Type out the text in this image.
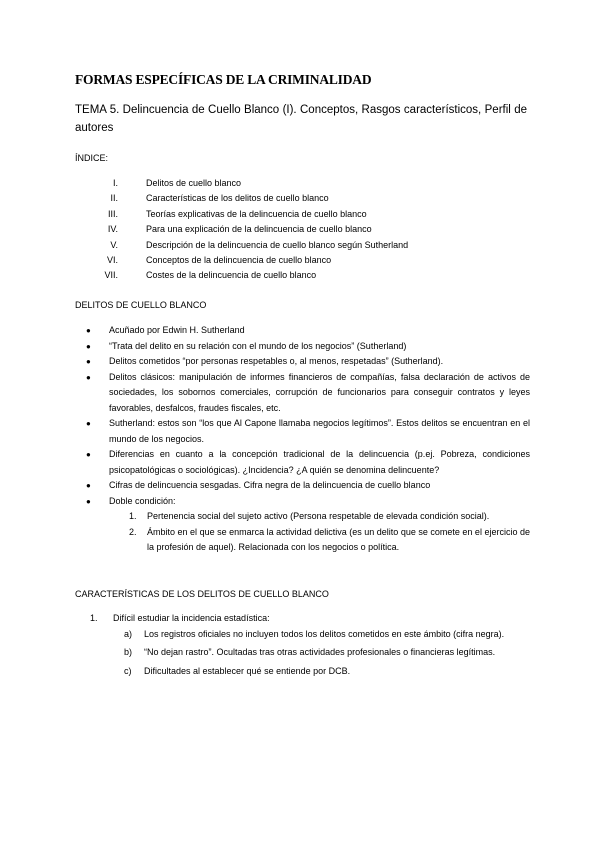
FORMAS ESPECÍFICAS DE LA CRIMINALIDAD
TEMA 5. Delincuencia de Cuello Blanco (I). Conceptos, Rasgos característicos, Perfil de autores
ÍNDICE:
I.	Delitos de cuello blanco
II.	Características de los delitos de cuello blanco
III.	Teorías explicativas de la delincuencia de cuello blanco
IV.	Para una explicación de la delincuencia de cuello blanco
V.	Descripción de la delincuencia de cuello blanco según Sutherland
VI.	Conceptos de la delincuencia de cuello blanco
VII.	Costes de la delincuencia de cuello blanco
DELITOS DE CUELLO BLANCO
●	Acuñado por Edwin H. Sutherland
●	“Trata del delito en su relación con el mundo de los negocios” (Sutherland)
●	Delitos cometidos “por personas respetables o, al menos, respetadas” (Sutherland).
●	Delitos clásicos: manipulación de informes financieros de compañías, falsa declaración de activos de sociedades, los sobornos comerciales, corrupción de funcionarios para conseguir contratos y leyes favorables, desfalcos, fraudes fiscales, etc.
●	Sutherland: estos son “los que Al Capone llamaba negocios legítimos”. Estos delitos se encuentran en el mundo de los negocios.
●	Diferencias en cuanto a la concepción tradicional de la delincuencia (p.ej. Pobreza, condiciones psicopatológicas o sociológicas). ¿Incidencia? ¿A quién se denomina delincuente?
●	Cifras de delincuencia sesgadas. Cifra negra de la delincuencia de cuello blanco
●	Doble condición:
1.	Pertenencia social del sujeto activo (Persona respetable de elevada condición social).
2.	Ámbito en el que se enmarca la actividad delictiva (es un delito que se comete en el ejercicio de la profesión de aquel). Relacionada con los negocios o política.
CARACTERÍSTICAS DE LOS DELITOS DE CUELLO BLANCO
1.	Difícil estudiar la incidencia estadística:
a)	Los registros oficiales no incluyen todos los delitos cometidos en este ámbito (cifra negra).
b)	“No dejan rastro”. Ocultadas tras otras actividades profesionales o financieras legítimas.
c)	Dificultades al establecer qué se entiende por DCB.
